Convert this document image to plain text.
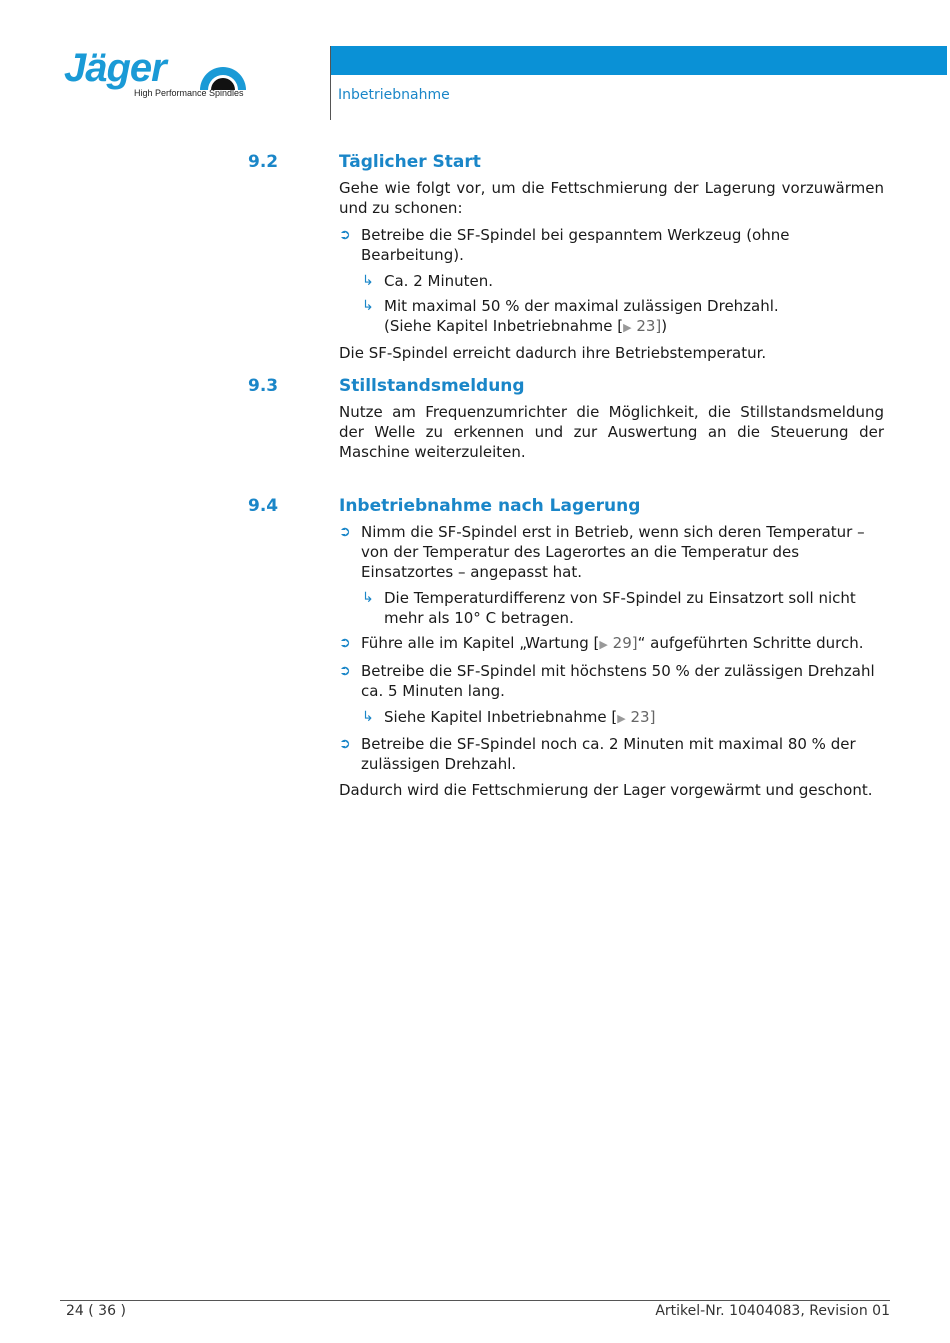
Jäger
High Performance Spindles	Inbetriebnahme
9.2	Täglicher Start

Gehe wie folgt vor, um die Fettschmierung der Lagerung vorzuwärmen und zu schonen:

➲ Betreibe die SF-Spindel bei gespanntem Werkzeug (ohne Bearbeitung).
↳ Ca. 2 Minuten.
↳ Mit maximal 50 % der maximal zulässigen Drehzahl.
(Siehe Kapitel Inbetriebnahme [▶ 23])

Die SF-Spindel erreicht dadurch ihre Betriebstemperatur.

9.3	Stillstandsmeldung

Nutze am Frequenzumrichter die Möglichkeit, die Stillstandsmeldung der Welle zu erkennen und zur Auswertung an die Steuerung der Maschine weiterzuleiten.

9.4	Inbetriebnahme nach Lagerung
➲ Nimm die SF-Spindel erst in Betrieb, wenn sich deren Temperatur – von der Temperatur des Lagerortes an die Temperatur des Einsatzortes – angepasst hat.
↳ Die Temperaturdifferenz von SF-Spindel zu Einsatzort soll nicht mehr als 10° C betragen.
➲ Führe alle im Kapitel „Wartung [▶ 29]“ aufgeführten Schritte durch.
➲ Betreibe die SF-Spindel mit höchstens 50 % der zulässigen Drehzahl ca. 5 Minuten lang.
↳ Siehe Kapitel Inbetriebnahme [▶ 23]
➲ Betreibe die SF-Spindel noch ca. 2 Minuten mit maximal 80 % der zulässigen Drehzahl.

Dadurch wird die Fettschmierung der Lager vorgewärmt und geschont.

24 ( 36 )	Artikel-Nr. 10404083, Revision 01
